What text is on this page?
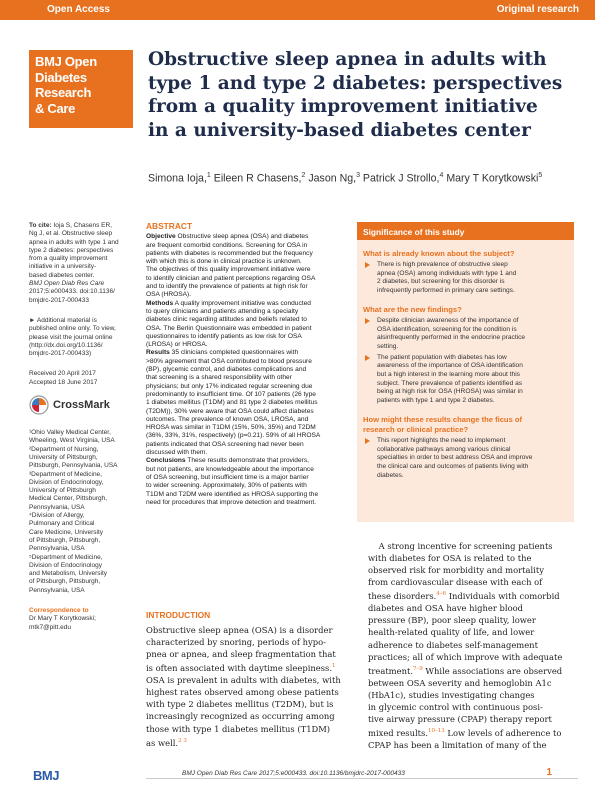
Open Access	Original research
BMJ Open
Diabetes
Research
& Care
Obstructive sleep apnea in adults with
type 1 and type 2 diabetes: perspectives
from a quality improvement initiative
in a university-based diabetes center
Simona Ioja,$^1$ Eileen R Chasens,$^2$ Jason Ng,$^3$ Patrick J Strollo,$^4$ Mary T Korytkowski$^5$
To cite: Ioja S, Chasens ER,
Ng J, et al. Obstructive sleep
apnea in adults with type 1 and
type 2 diabetes: perspectives
from a quality improvement
initiative in a university-
based diabetes center.
BMJ Open Diab Res Care
2017;5:e000433. doi:10.1136/
bmjdrc-2017-000433
► Additional material is
published online only. To view,
please visit the journal online
(http://dx.doi.org/10.1136/
bmjdrc-2017-000433)
Received 20 April 2017
Accepted 18 June 2017
CrossMark
¹Ohio Valley Medical Center,
Wheeling, West Virginia, USA
²Department of Nursing,
University of Pittsburgh,
Pittsburgh, Pennsylvania, USA
³Department of Medicine,
Division of Endocrinology,
University of Pittsburgh
Medical Center, Pittsburgh,
Pennsylvania, USA
⁴Division of Allergy,
Pulmonary and Critical
Care Medicine, University
of Pittsburgh, Pittsburgh,
Pennsylvania, USA
⁵Department of Medicine,
Division of Endocrinology
and Metabolism, University
of Pittsburgh, Pittsburgh,
Pennsylvania, USA
Correspondence to
Dr Mary T Korytkowski;
mtk7@pitt.edu
ABSTRACT
Objective Obstructive sleep apnea (OSA) and diabetes
are frequent comorbid conditions. Screening for OSA in
patients with diabetes is recommended but the frequency
with which this is done in clinical practice is unknown.
The objectives of this quality improvement initiative were
to identify clinician and patient perceptions regarding OSA
and to identify the prevalence of patients at high risk for
OSA (HROSA).
Methods A quality improvement initiative was conducted
to query clinicians and patients attending a specialty
diabetes clinic regarding attitudes and beliefs related to
OSA. The Berlin Questionnaire was embedded in patient
questionnaires to identify patients as low risk for OSA
(LROSA) or HROSA.
Results 35 clinicians completed questionnaires with
>80% agreement that OSA contributed to blood pressure
(BP), glycemic control, and diabetes complications and
that screening is a shared responsibility with other
physicians; but only 17% indicated regular screening due
predominantly to insufficient time. Of 107 patients (26 type
1 diabetes mellitus (T1DM) and 81 type 2 diabetes mellitus
(T2DM)), 30% were aware that OSA could affect diabetes
outcomes. The prevalence of known OSA, LROSA, and
HROSA was similar in T1DM (15%, 50%, 35%) and T2DM
(36%, 33%, 31%, respectively) (p=0.21). 59% of all HROSA
patients indicated that OSA screening had never been
discussed with them.
Conclusions These results demonstrate that providers,
but not patients, are knowledgeable about the importance
of OSA screening, but insufficient time is a major barrier
to wider screening. Approximately, 30% of patients with
T1DM and T2DM were identified as HROSA supporting the
need for procedures that improve detection and treatment.
Significance of this study
What is already known about the subject?
There is high prevalence of obstructive sleep
apnea (OSA) among individuals with type 1 and
2 diabetes, but screening for this disorder is
infrequently performed in primary care settings.
What are the new findings?
Despite clinician awareness of the importance of
OSA identification, screening for the condition is
alsinfrequently performed in the endocrine practice
setting.
The patient population with diabetes has low
awareness of the importance of OSA identification
but a high interest in the learning more about this
subject. There prevalence of patients identified as
being at high risk for OSA (HROSA) was similar in
patients with type 1 and type 2 diabetes.
How might these results change the ficus of
research or clinical practice?
This report highlights the need to implement
collaborative pathways among various clinical
specialties in order to best address OSA and improve
the clinical care and outcomes of patients living with
diabetes.
INTRODUCTION
Obstructive sleep apnea (OSA) is a disorder
characterized by snoring, periods of hypo-
pnea or apnea, and sleep fragmentation that
is often associated with daytime sleepiness.$^1$
OSA is prevalent in adults with diabetes, with
highest rates observed among obese patients
with type 2 diabetes mellitus (T2DM), but is
increasingly recognized as occurring among
those with type 1 diabetes mellitus (T1DM)
as well.$^{2 3}$
A strong incentive for screening patients
with diabetes for OSA is related to the
observed risk for morbidity and mortality
from cardiovascular disease with each of
these disorders.$^{4-6}$ Individuals with comorbid
diabetes and OSA have higher blood
pressure (BP), poor sleep quality, lower
health-related quality of life, and lower
adherence to diabetes self-management
practices; all of which improve with adequate
treatment.$^{7-9}$ While associations are observed
between OSA severity and hemoglobin A1c
(HbA1c), studies investigating changes
in glycemic control with continuous posi-
tive airway pressure (CPAP) therapy report
mixed results.$^{10-13}$ Low levels of adherence to
CPAP has been a limitation of many of the
BMJ	BMJ Open Diab Res Care 2017;5:e000433. doi:10.1136/bmjdrc-2017-000433	1
